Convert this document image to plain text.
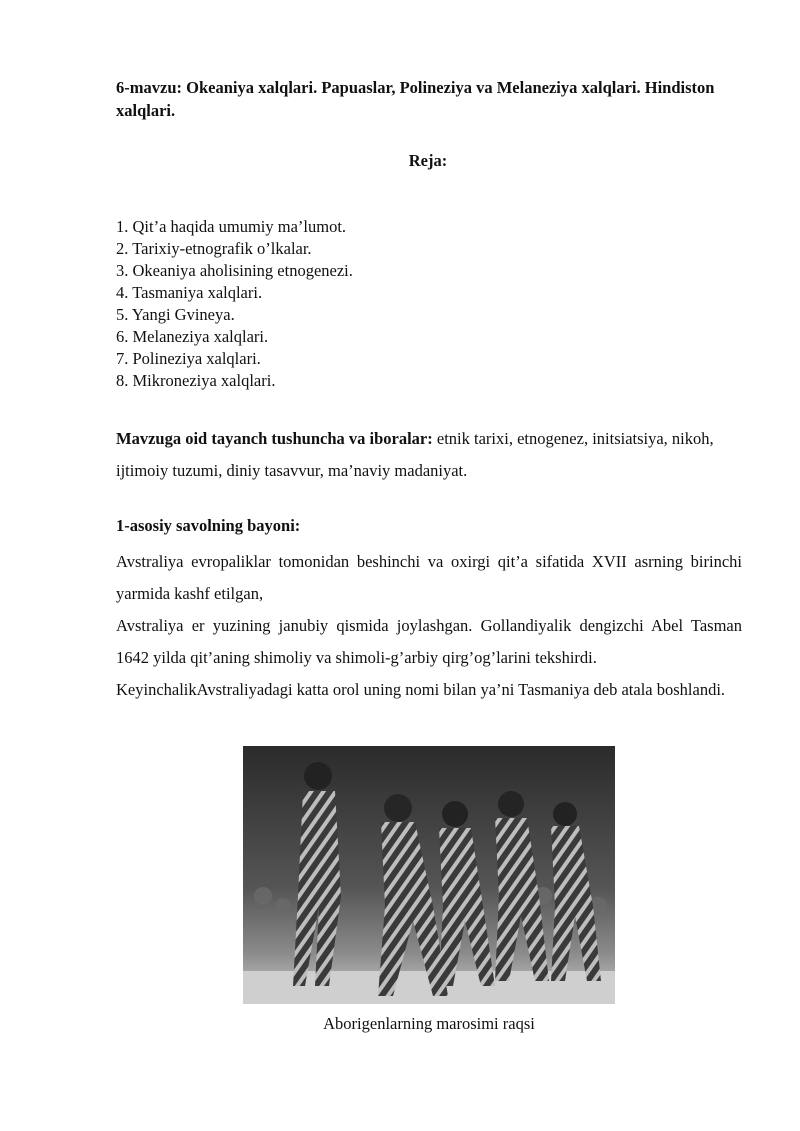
6-mavzu: Okeaniya xalqlari. Papuaslar, Polineziya va Melaneziya xalqlari. Hindiston xalqlari.
Reja:
1. Qit’a haqida umumiy ma’lumot.
2. Tarixiy-etnografik o’lkalar.
3. Okeaniya aholisining etnogenezi.
4. Tasmaniya xalqlari.
5. Yangi Gvineya.
6. Melaneziya xalqlari.
7. Polineziya xalqlari.
8. Mikroneziya xalqlari.

Mavzuga oid tayanch tushuncha va iboralar: etnik tarixi, etnogenez, initsiatsiya, nikoh, ijtimoiy tuzumi, diniy tasavvur, ma’naviy madaniyat.

1-asosiy savolning bayoni:

Avstraliya evropaliklar tomonidan beshinchi va oxirgi qit’a sifatida XVII asrning birinchi yarmida kashf etilgan,

Avstraliya er yuzining janubiy qismida joylashgan. Gollandiyalik dengizchi Abel Tasman 1642 yilda qit’aning shimoliy va shimoli-g’arbiy qirg’og’larini tekshirdi.

KeyinchalikAvstraliyadagi katta orol uning nomi bilan ya’ni Tasmaniya deb atala boshlandi.

Aborigenlarning marosimi raqsi
